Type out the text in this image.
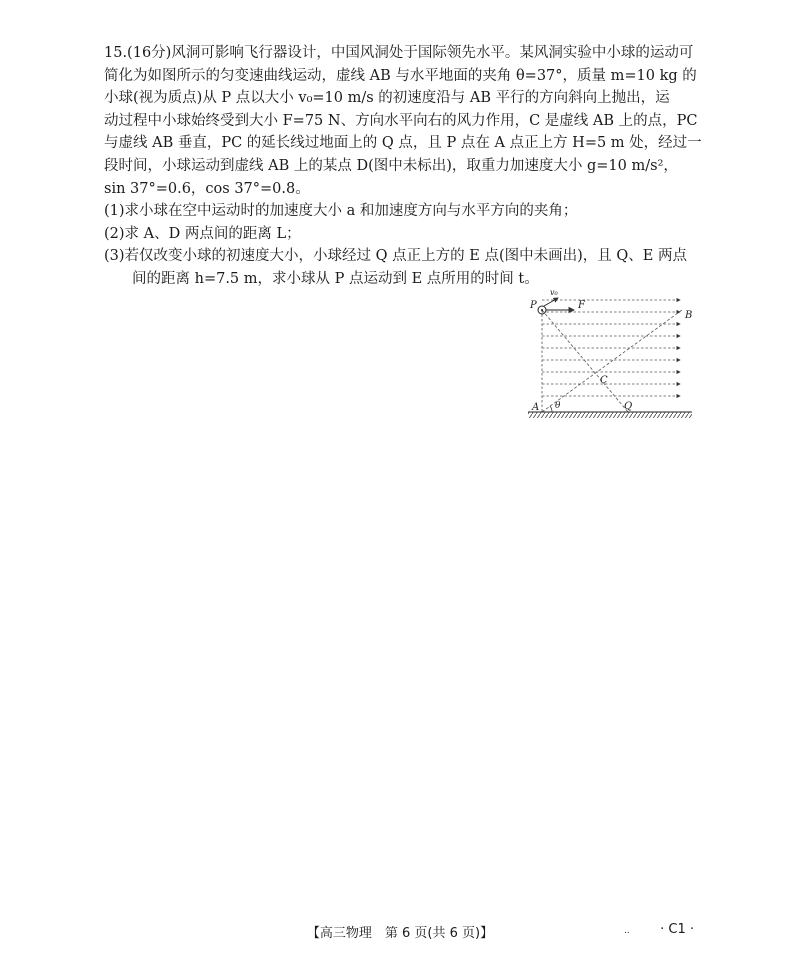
15.(16分)风洞可影响飞行器设计，中国风洞处于国际领先水平。某风洞实验中小球的运动可
简化为如图所示的匀变速曲线运动，虚线 AB 与水平地面的夹角 θ=37°，质量 m=10 kg 的
小球(视为质点)从 P 点以大小 v₀=10 m/s 的初速度沿与 AB 平行的方向斜向上抛出，运
动过程中小球始终受到大小 F=75 N、方向水平向右的风力作用，C 是虚线 AB 上的点，PC
与虚线 AB 垂直，PC 的延长线过地面上的 Q 点，且 P 点在 A 点正上方 H=5 m 处，经过一
段时间，小球运动到虚线 AB 上的某点 D(图中未标出)，取重力加速度大小 g=10 m/s²，
sin 37°=0.6，cos 37°=0.8。
(1)求小球在空中运动时的加速度大小 a 和加速度方向与水平方向的夹角；
(2)求 A、D 两点间的距离 L；
(3)若仅改变小球的初速度大小，小球经过 Q 点正上方的 E 点(图中未画出)，且 Q、E 两点
间的距离 h=7.5 m，求小球从 P 点运动到 E 点所用的时间 t。
P
v₀
F
B
C
A θ	Q
【高三物理　第 6 页(共 6 页)】	.. · C1 ·
